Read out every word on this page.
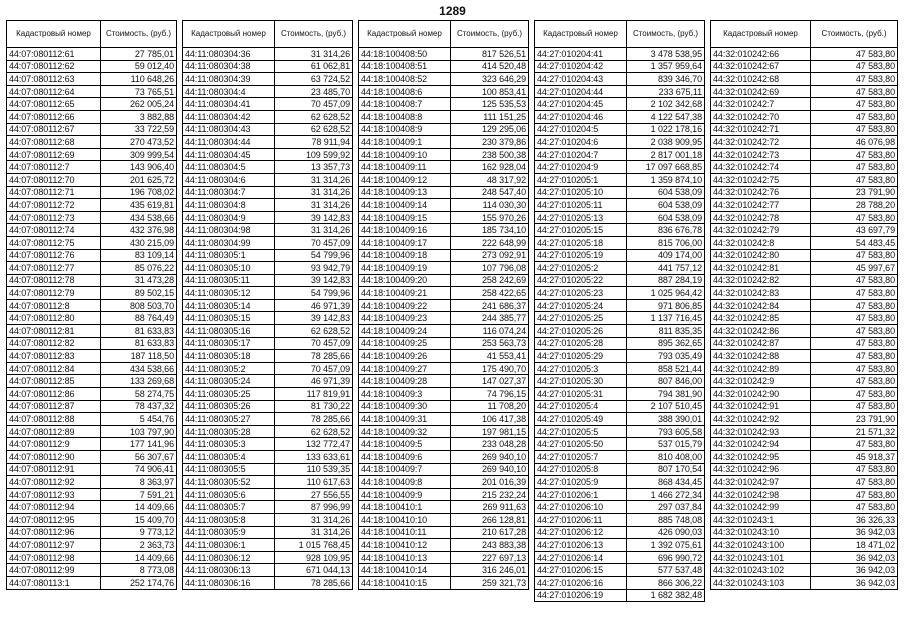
1289
Кадастровый номер	Стоимость, (руб.)
44:07:080112:61	27 785,01
44:07:080112:62	59 012,40
44:07:080112:63	110 648,26
44:07:080112:64	73 765,51
44:07:080112:65	262 005,24
44:07:080112:66	3 882,88
44:07:080112:67	33 722,59
44:07:080112:68	270 473,52
44:07:080112:69	309 999,54
44:07:080112:7	143 906,40
44:07:080112:70	201 625,72
44:07:080112:71	196 708,02
44:07:080112:72	435 619,81
44:07:080112:73	434 538,66
44:07:080112:74	432 376,98
44:07:080112:75	430 215,09
44:07:080112:76	83 109,14
44:07:080112:77	85 076,22
44:07:080112:78	31 473,28
44:07:080112:79	89 502,15
44:07:080112:8	808 503,70
44:07:080112:80	88 764,49
44:07:080112:81	81 633,83
44:07:080112:82	81 633,83
44:07:080112:83	187 118,50
44:07:080112:84	434 538,66
44:07:080112:85	133 269,68
44:07:080112:86	58 274,75
44:07:080112:87	78 437,32
44:07:080112:88	5 454,76
44:07:080112:89	103 797,90
44:07:080112:9	177 141,96
44:07:080112:90	56 307,67
44:07:080112:91	74 906,41
44:07:080112:92	8 363,97
44:07:080112:93	7 591,21
44:07:080112:94	14 409,66
44:07:080112:95	15 409,70
44:07:080112:96	9 773,12
44:07:080112:97	2 363,73
44:07:080112:98	14 409,66
44:07:080112:99	8 773,08
44:07:080113:1	252 174,76
Кадастровый номер	Стоимость, (руб.)
44:11:080304:36	31 314,26
44:11:080304:38	61 062,81
44:11:080304:39	63 724,52
44:11:080304:4	23 485,70
44:11:080304:41	70 457,09
44:11:080304:42	62 628,52
44:11:080304:43	62 628,52
44:11:080304:44	78 911,94
44:11:080304:45	109 599,92
44:11:080304:5	13 357,73
44:11:080304:6	31 314,26
44:11:080304:7	31 314,26
44:11:080304:8	31 314,26
44:11:080304:9	39 142,83
44:11:080304:98	31 314,26
44:11:080304:99	70 457,09
44:11:080305:1	54 799,96
44:11:080305:10	93 942,79
44:11:080305:11	39 142,83
44:11:080305:12	54 799,96
44:11:080305:14	46 971,39
44:11:080305:15	39 142,83
44:11:080305:16	62 628,52
44:11:080305:17	70 457,09
44:11:080305:18	78 285,66
44:11:080305:2	70 457,09
44:11:080305:24	46 971,39
44:11:080305:25	117 819,91
44:11:080305:26	81 730,22
44:11:080305:27	78 285,66
44:11:080305:28	62 628,52
44:11:080305:3	132 772,47
44:11:080305:4	133 633,61
44:11:080305:5	110 539,35
44:11:080305:52	110 617,63
44:11:080305:6	27 556,55
44:11:080305:7	87 996,99
44:11:080305:8	31 314,26
44:11:080305:9	31 314,26
44:11:080306:1	1 015 768,45
44:11:080306:12	928 109,95
44:11:080306:13	671 044,13
44:11:080306:16	78 285,66
Кадастровый номер	Стоимость, (руб.)
44:18:100408:50	817 526,51
44:18:100408:51	414 520,48
44:18:100408:52	323 646,29
44:18:100408:6	100 853,41
44:18:100408:7	125 535,53
44:18:100408:8	111 151,25
44:18:100408:9	129 295,06
44:18:100409:1	230 379,86
44:18:100409:10	238 500,38
44:18:100409:11	162 928,04
44:18:100409:12	48 317,92
44:18:100409:13	248 547,40
44:18:100409:14	114 030,30
44:18:100409:15	155 970,26
44:18:100409:16	185 734,10
44:18:100409:17	222 648,99
44:18:100409:18	273 092,91
44:18:100409:19	107 796,08
44:18:100409:20	258 242,69
44:18:100409:21	258 422,65
44:18:100409:22	241 686,37
44:18:100409:23	244 385,77
44:18:100409:24	116 074,24
44:18:100409:25	253 563,73
44:18:100409:26	41 553,41
44:18:100409:27	175 490,70
44:18:100409:28	147 027,37
44:18:100409:3	74 796,15
44:18:100409:30	11 708,20
44:18:100409:31	106 417,38
44:18:100409:32	197 981,15
44:18:100409:5	233 048,28
44:18:100409:6	269 940,10
44:18:100409:7	269 940,10
44:18:100409:8	201 016,39
44:18:100409:9	215 232,24
44:18:100410:1	269 911,63
44:18:100410:10	266 128,81
44:18:100410:11	210 617,28
44:18:100410:12	243 883,38
44:18:100410:13	227 697,13
44:18:100410:14	316 246,01
44:18:100410:15	259 321,73
Кадастровый номер	Стоимость, (руб.)
44:27:010204:41	3 478 538,95
44:27:010204:42	1 357 959,64
44:27:010204:43	839 346,70
44:27:010204:44	233 675,11
44:27:010204:45	2 102 342,68
44:27:010204:46	4 122 547,38
44:27:010204:5	1 022 178,16
44:27:010204:6	2 038 909,95
44:27:010204:7	2 817 001,18
44:27:010204:9	17 097 668,85
44:27:010205:1	1 359 874,10
44:27:010205:10	604 538,09
44:27:010205:11	604 538,09
44:27:010205:13	604 538,09
44:27:010205:15	836 676,78
44:27:010205:18	815 706,00
44:27:010205:19	409 174,00
44:27:010205:2	441 757,12
44:27:010205:22	887 284,19
44:27:010205:23	1 025 964,42
44:27:010205:24	971 806,85
44:27:010205:25	1 137 716,45
44:27:010205:26	811 835,35
44:27:010205:28	895 362,65
44:27:010205:29	793 035,49
44:27:010205:3	858 521,44
44:27:010205:30	807 846,00
44:27:010205:31	794 381,90
44:27:010205:4	2 107 510,45
44:27:010205:49	388 390,01
44:27:010205:5	793 605,58
44:27:010205:50	537 015,79
44:27:010205:7	810 408,00
44:27:010205:8	807 170,54
44:27:010205:9	868 434,45
44:27:010206:1	1 466 272,34
44:27:010206:10	297 037,84
44:27:010206:11	885 748,08
44:27:010206:12	426 090,03
44:27:010206:13	1 392 075,61
44:27:010206:14	696 990,72
44:27:010206:15	577 537,48
44:27:010206:16	866 306,22
44:27:010206:19	1 682 382,48
Кадастровый номер	Стоимость, (руб.)
44:32:010242:66	47 583,80
44:32:010242:67	47 583,80
44:32:010242:68	47 583,80
44:32:010242:69	47 583,80
44:32:010242:7	47 583,80
44:32:010242:70	47 583,80
44:32:010242:71	47 583,80
44:32:010242:72	46 076,98
44:32:010242:73	47 583,80
44:32:010242:74	47 583,80
44:32:010242:75	47 583,80
44:32:010242:76	23 791,90
44:32:010242:77	28 788,20
44:32:010242:78	47 583,80
44:32:010242:79	43 697,79
44:32:010242:8	54 483,45
44:32:010242:80	47 583,80
44:32:010242:81	45 997,67
44:32:010242:82	47 583,80
44:32:010242:83	47 583,80
44:32:010242:84	47 583,80
44:32:010242:85	47 583,80
44:32:010242:86	47 583,80
44:32:010242:87	47 583,80
44:32:010242:88	47 583,80
44:32:010242:89	47 583,80
44:32:010242:9	47 583,80
44:32:010242:90	47 583,80
44:32:010242:91	47 583,80
44:32:010242:92	23 791,90
44:32:010242:93	21 571,32
44:32:010242:94	47 583,80
44:32:010242:95	45 918,37
44:32:010242:96	47 583,80
44:32:010242:97	47 583,80
44:32:010242:98	47 583,80
44:32:010242:99	47 583,80
44:32:010243:1	36 326,33
44:32:010243:10	36 942,03
44:32:010243:100	18 471,02
44:32:010243:101	36 942,03
44:32:010243:102	36 942,03
44:32:010243:103	36 942,03
